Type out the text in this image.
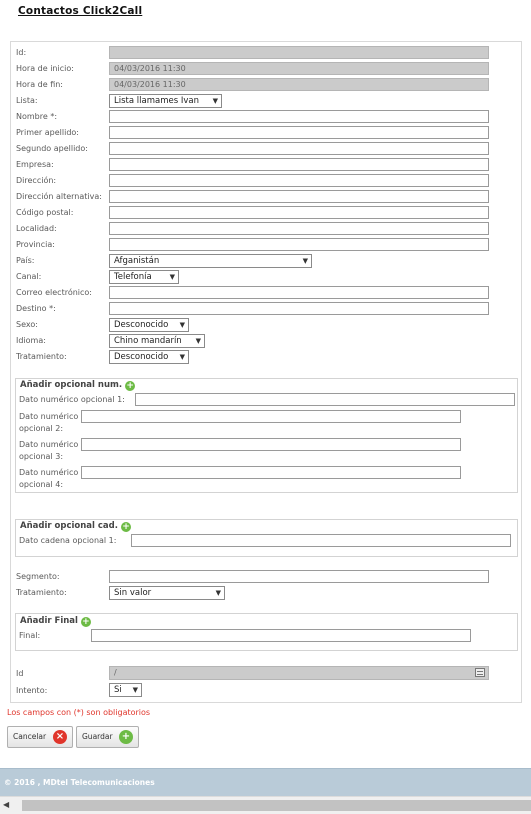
Contactos Click2Call
Id:
Hora de inicio:	04/03/2016 11:30
Hora de fin:	04/03/2016 11:30
Lista:	Lista llamames Ivan ▼
Nombre *:
Primer apellido:
Segundo apellido:
Empresa:
Dirección:
Dirección alternativa:
Código postal:
Localidad:
Provincia:
País:	Afganistán	▼
Canal:	Telefonía	▼
Correo electrónico:
Destino *:
Sexo:	Desconocido ▼
Idioma:	Chino mandarín ▼
Tratamiento:	Desconocido ▼
Añadir opcional num. +
Dato numérico opcional 1:
Dato numérico
opcional 2:
Dato numérico
opcional 3:
Dato numérico
opcional 4:
Añadir opcional cad. +
Dato cadena opcional 1:
Segmento:
Tratamiento:	Sin valor	▼
Añadir Final +
Final:
Id	/
Intento:	Si ▼
Los campos con (*) son obligatorios
Cancelar ×	Guardar +
© 2016 , MDtel Telecomunicaciones
◀
